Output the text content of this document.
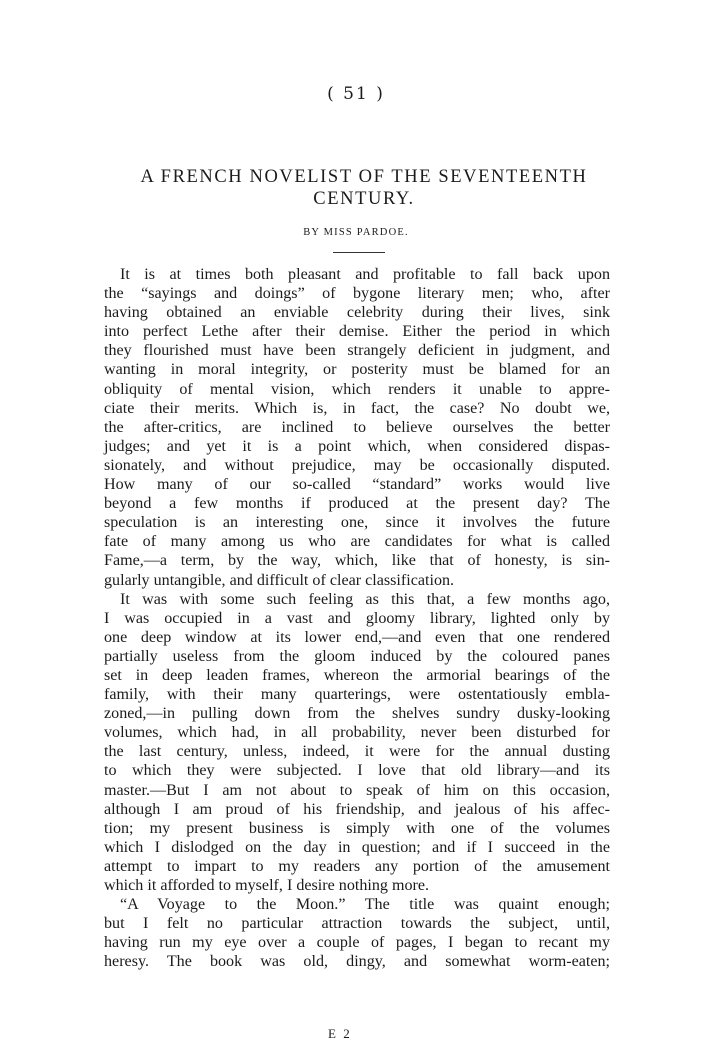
( 51 )
A FRENCH NOVELIST OF THE SEVENTEENTH
CENTURY.
BY MISS PARDOE.
It is at times both pleasant and profitable to fall back upon
the “sayings and doings” of bygone literary men; who, after
having obtained an enviable celebrity during their lives, sink
into perfect Lethe after their demise. Either the period in which
they flourished must have been strangely deficient in judgment, and
wanting in moral integrity, or posterity must be blamed for an
obliquity of mental vision, which renders it unable to appre-
ciate their merits. Which is, in fact, the case? No doubt we,
the after-critics, are inclined to believe ourselves the better
judges; and yet it is a point which, when considered dispas-
sionately, and without prejudice, may be occasionally disputed.
How many of our so-called “standard” works would live
beyond a few months if produced at the present day? The
speculation is an interesting one, since it involves the future
fate of many among us who are candidates for what is called
Fame,—a term, by the way, which, like that of honesty, is sin-
gularly untangible, and difficult of clear classification.
It was with some such feeling as this that, a few months ago,
I was occupied in a vast and gloomy library, lighted only by
one deep window at its lower end,—and even that one rendered
partially useless from the gloom induced by the coloured panes
set in deep leaden frames, whereon the armorial bearings of the
family, with their many quarterings, were ostentatiously embla-
zoned,—in pulling down from the shelves sundry dusky-looking
volumes, which had, in all probability, never been disturbed for
the last century, unless, indeed, it were for the annual dusting
to which they were subjected. I love that old library—and its
master.—But I am not about to speak of him on this occasion,
although I am proud of his friendship, and jealous of his affec-
tion; my present business is simply with one of the volumes
which I dislodged on the day in question; and if I succeed in the
attempt to impart to my readers any portion of the amusement
which it afforded to myself, I desire nothing more.
“A Voyage to the Moon.” The title was quaint enough;
but I felt no particular attraction towards the subject, until,
having run my eye over a couple of pages, I began to recant my
heresy. The book was old, dingy, and somewhat worm-eaten;
E 2
